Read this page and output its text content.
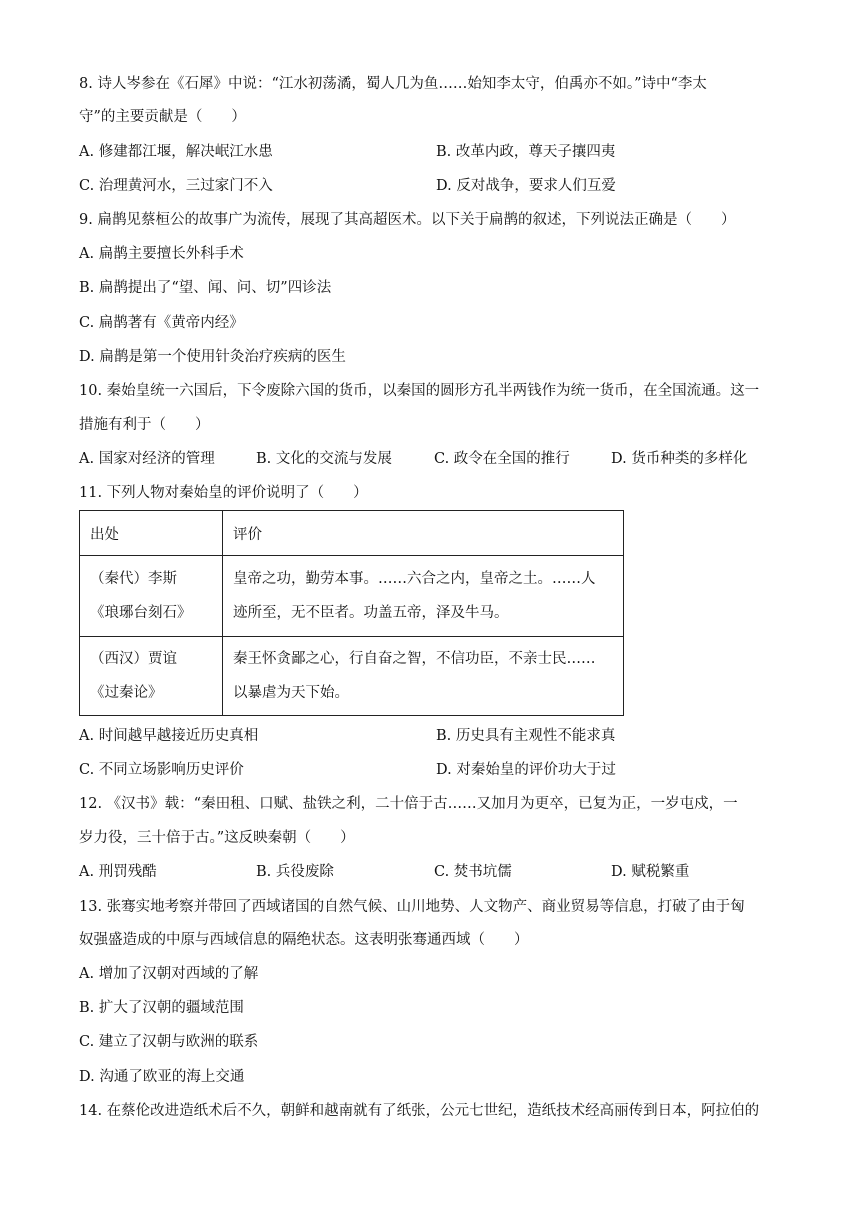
8. 诗人岑参在《石犀》中说：“江水初荡潏，蜀人几为鱼……始知李太守，伯禹亦不如。”诗中“李太
守”的主要贡献是（　　）
A. 修建都江堰，解决岷江水患	B. 改革内政，尊天子攘四夷
C. 治理黄河水，三过家门不入	D. 反对战争，要求人们互爱
9. 扁鹊见蔡桓公的故事广为流传，展现了其高超医术。以下关于扁鹊的叙述，下列说法正确是（　　）
A. 扁鹊主要擅长外科手术
B. 扁鹊提出了“望、闻、问、切”四诊法
C. 扁鹊著有《黄帝内经》
D. 扁鹊是第一个使用针灸治疗疾病的医生
10. 秦始皇统一六国后，下令废除六国的货币，以秦国的圆形方孔半两钱作为统一货币，在全国流通。这一
措施有利于（　　）
A. 国家对经济的管理	B. 文化的交流与发展	C. 政令在全国的推行	D. 货币种类的多样化
11. 下列人物对秦始皇的评价说明了（　　）
出处	评价

（秦代）李斯
《琅琊台刻石》	皇帝之功，勤劳本事。……六合之内，皇帝之土。……人
迹所至，无不臣者。功盖五帝，泽及牛马。

（西汉）贾谊
《过秦论》	秦王怀贪鄙之心，行自奋之智，不信功臣，不亲士民……
以暴虐为天下始。
A. 时间越早越接近历史真相	B. 历史具有主观性不能求真
C. 不同立场影响历史评价	D. 对秦始皇的评价功大于过
12. 《汉书》载：“秦田租、口赋、盐铁之利，二十倍于古……又加月为更卒，已复为正，一岁屯戍，一
岁力役，三十倍于古。”这反映秦朝（　　）
A. 刑罚残酷	B. 兵役废除	C. 焚书坑儒	D. 赋税繁重
13. 张骞实地考察并带回了西域诸国的自然气候、山川地势、人文物产、商业贸易等信息，打破了由于匈
奴强盛造成的中原与西域信息的隔绝状态。这表明张骞通西域（　　）
A. 增加了汉朝对西域的了解
B. 扩大了汉朝的疆域范围
C. 建立了汉朝与欧洲的联系
D. 沟通了欧亚的海上交通
14. 在蔡伦改进造纸术后不久，朝鲜和越南就有了纸张，公元七世纪，造纸技术经高丽传到日本，阿拉伯的
